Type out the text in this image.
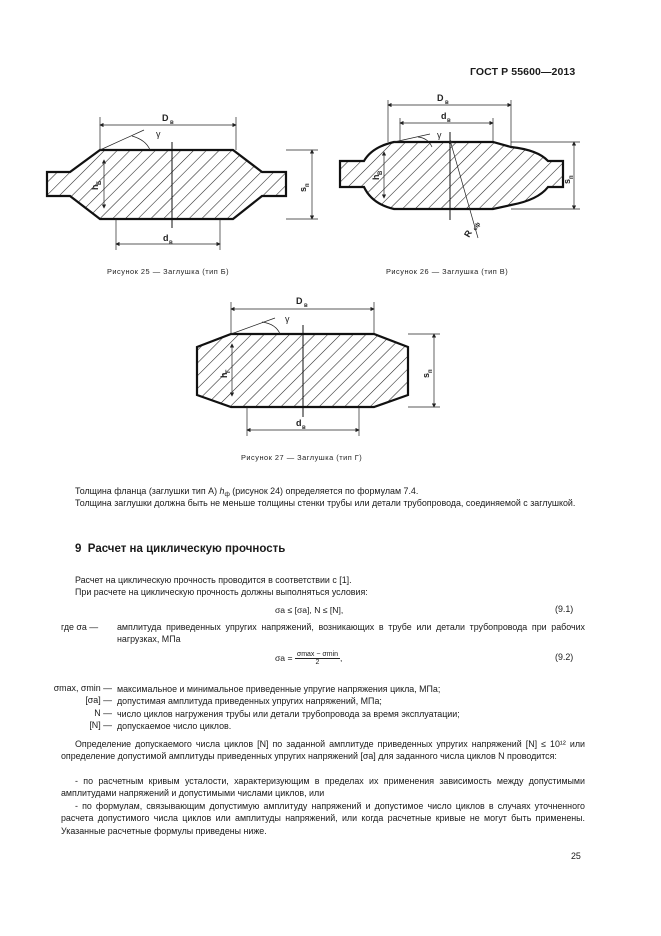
ГОСТ Р 55600—2013
D в
γ
d в
s
п
h
Б
D в
d в
γ
s
п
h
В
R
сф
D в
γ
d в
s
п
h
Г
Рисунок 25 — Заглушка (тип Б)	Рисунок 26 — Заглушка (тип В)
Рисунок 27 — Заглушка (тип Г)
Толщина фланца (заглушки тип А) $h_ф$ (рисунок 24) определяется по формулам 7.4.
Толщина заглушки должна быть не меньше толщины стенки трубы или детали трубопровода, соединяемой с заглушкой.
9 Расчет на циклическую прочность
Расчет на циклическую прочность проводится в соответствии с [1].
При расчете на циклическую прочность должны выполняться условия:
σa ≤ [σa], N ≤ [N],	(9.1)
где σa —	амплитуда приведенных упругих напряжений, возникающих в трубе или детали трубопровода при рабочих нагрузках, МПа
$\sigma a = \frac{\sigma\max - \sigma\min}{2}$ ,	(9.2)
σmax, σmin — максимальное и минимальное приведенные упругие напряжения цикла, МПа;
[σa] — допустимая амплитуда приведенных упругих напряжений, МПа;
N — число циклов нагружения трубы или детали трубопровода за время эксплуатации;
[N] — допускаемое число циклов.
Определение допускаемого числа циклов [N] по заданной амплитуде приведенных упругих напряжений [N] ≤ 10¹² или определение допустимой амплитуды приведенных упругих напряжений [σa] для заданного числа циклов N проводится:
- по расчетным кривым усталости, характеризующим в пределах их применения зависимость между допустимыми амплитудами напряжений и допустимыми числами циклов, или
- по формулам, связывающим допустимую амплитуду напряжений и допустимое число циклов в случаях уточненного расчета допустимого числа циклов или амплитуды напряжений, или когда расчетные кривые не могут быть применены. Указанные расчетные формулы приведены ниже.
25
